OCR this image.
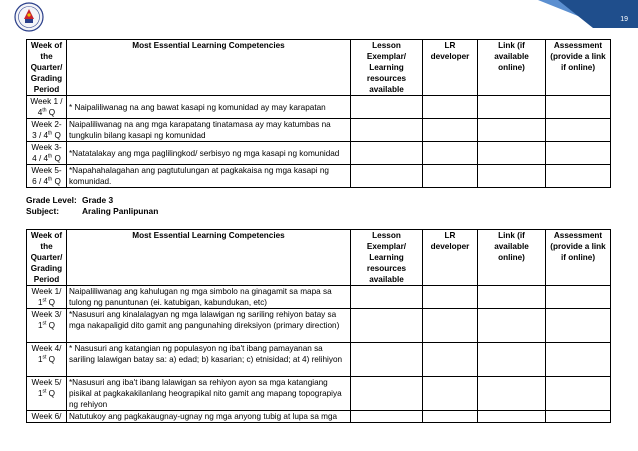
19
Week of the Quarter/ Grading Period	Most Essential Learning Competencies	Lesson Exemplar/ Learning resources available	LR developer	Link (if available online)	Assessment (provide a link if online)
Week 1 /
4th Q	* Naipaliliwanag na ang bawat kasapi ng komunidad ay may karapatan				
Week 2-
3 / 4th Q	Naipaliliwanag na ang mga karapatang tinatamasa ay may katumbas na tungkulin bilang kasapi ng komunidad				
Week 3-
4 / 4th Q	*Natatalakay ang mga paglilingkod/ serbisyo ng mga kasapi ng komunidad				
Week 5-
6 / 4th Q	*Napahahalagahan ang pagtutulungan at pagkakaisa ng mga kasapi ng komunidad.				
Grade Level: Grade 3
Subject:	Araling Panlipunan
Week of the Quarter/ Grading Period	Most Essential Learning Competencies	Lesson Exemplar/ Learning resources available	LR developer	Link (if available online)	Assessment (provide a link if online)
Week 1/
1st Q	Naipaliliwanag ang kahulugan ng mga simbolo na ginagamit sa mapa sa tulong ng panuntunan (ei. katubigan, kabundukan, etc)				
Week 3/
1st Q	*Nasusuri ang kinalalagyan ng mga lalawigan ng sariling rehiyon batay sa mga nakapaligid dito gamit ang pangunahing direksiyon (primary direction)				
Week 4/
1st Q	* Nasusuri ang katangian ng populasyon ng iba't ibang pamayanan sa sariling lalawigan batay sa: a) edad; b) kasarian; c) etnisidad; at 4) relihiyon				
Week 5/
1st Q	*Nasusuri ang iba't ibang lalawigan sa rehiyon ayon sa mga katangiang pisikal at pagkakakilanlang heograpikal nito gamit ang mapang topograpiya ng rehiyon				
Week 6/	Natutukoy ang pagkakaugnay-ugnay ng mga anyong tubig at lupa sa mga				
